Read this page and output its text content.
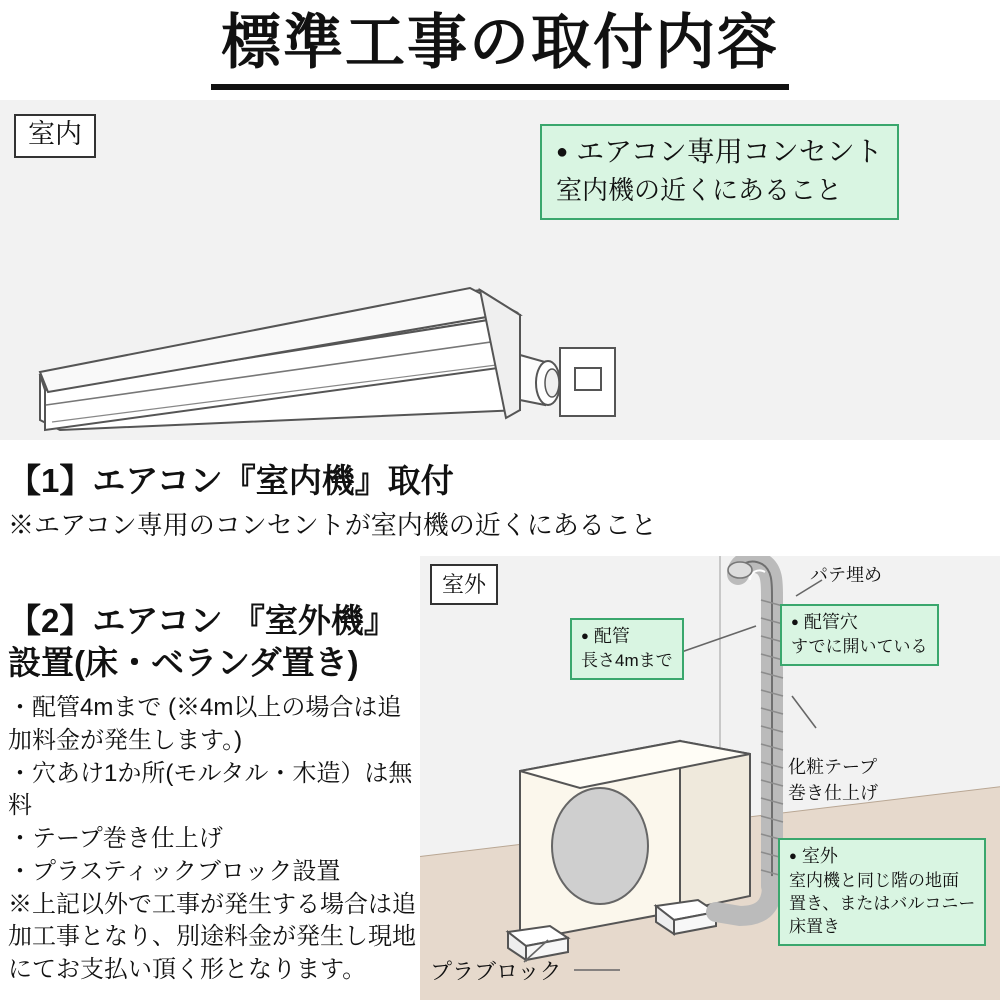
標準工事の取付内容
室内
● エアコン専用コンセント
室内機の近くにあること
【1】エアコン『室内機』取付
※エアコン専用のコンセントが室内機の近くにあること
【2】エアコン 『室外機』
設置(床・ベランダ置き)
・配管4mまで (※4m以上の場合は追
加料金が発生します。)
・穴あけ1か所(モルタル・木造）は無
料
・テープ巻き仕上げ
・プラスティックブロック設置
※上記以外で工事が発生する場合は追
加工事となり、別途料金が発生し現地
にてお支払い頂く形となります。
室外
● 配管
長さ4mまで
● 配管穴
すでに開いている
● 室外
室内機と同じ階の地面
置き、またはバルコニー
床置き
パテ埋め
化粧テープ
巻き仕上げ
プラブロック
